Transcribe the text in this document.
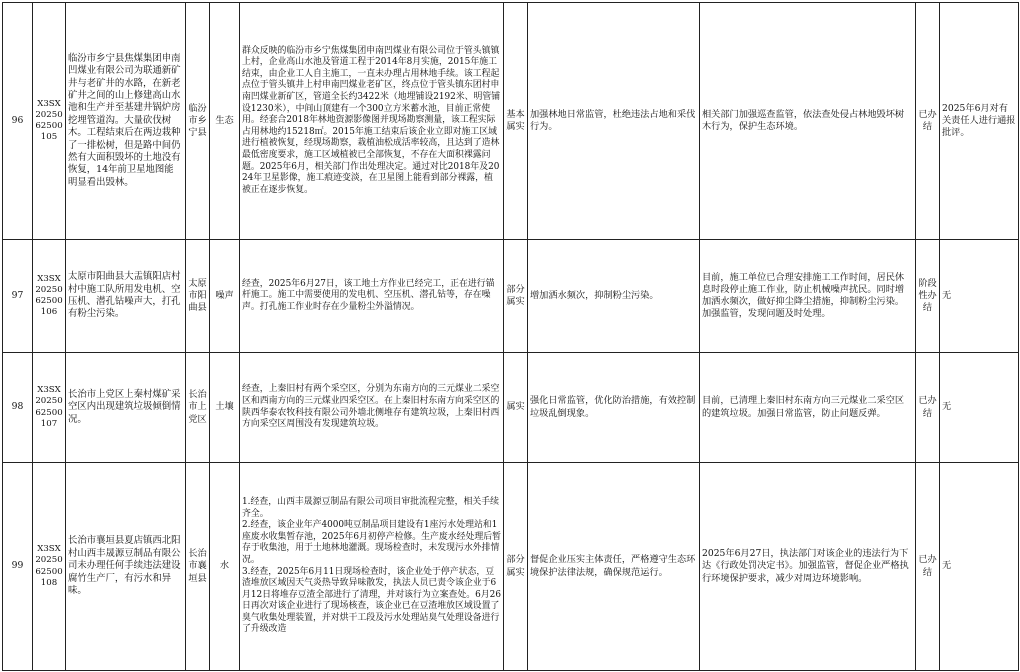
96	X3SX2025062500105	临汾市乡宁县焦煤集团申南凹煤业有限公司为联通新矿井与老矿井的水路，在新老矿井之间的山上修建高山水池和生产并至基建井锅炉房挖埋管道沟。大量砍伐树木。工程结束后在两边栽种了一排松树，但是路中间仍然有大面积毁坏的土地没有恢复，14年前卫星地图能明显看出毁林。	临汾市乡宁县	生态	群众反映的临汾市乡宁焦煤集团申南凹煤业有限公司位于管头镇镇上村，企业高山水池及管道工程于2014年8月实施，2015年施工结束，由企业工人自主施工，一直未办理占用林地手续。该工程起点位于管头镇井上村申南凹煤业老矿区，终点位于管头镇东团村申南凹煤业新矿区，管道全长约3422米（地埋铺设2192米、明管铺设1230米），中间山顶建有一个300立方米蓄水池，目前正常使用。经套合2018年林地资源影像图并现场勘察测量，该工程实际占用林地约15218㎡。2015年施工结束后该企业立即对施工区域进行植被恢复，经现场勘察，栽植油松成活率较高，且达到了造林最低密度要求，施工区域植被已全部恢复，不存在大面积裸露问题。2025年6月，相关部门作出处理决定。通过对比2018年及2024年卫星影像，施工痕迹变淡，在卫星图上能看到部分裸露，植被正在逐步恢复。	基本属实	加强林地日常监管，杜绝违法占地和采伐行为。	相关部门加强巡查监管，依法查处侵占林地毁坏树木行为，保护生态环境。	已办结	2025年6月对有关责任人进行通报批评。
97	X3SX2025062500106	太原市阳曲县大盂镇阳店村村中施工队所用发电机、空压机、潜孔钻噪声大，打孔有粉尘污染。	太原市阳曲县	噪声	经查，2025年6月27日，该工地土方作业已经完工，正在进行锚杆施工。施工中需要使用的发电机、空压机、潜孔钻等，存在噪声。打孔施工作业时存在少量粉尘外溢情况。	部分属实	增加洒水频次，抑制粉尘污染。	目前，施工单位已合理安排施工工作时间，居民休息时段停止施工作业，防止机械噪声扰民。同时增加洒水频次，做好抑尘降尘措施，抑制粉尘污染。加强监管，发现问题及时处理。	阶段性办结	无
98	X3SX2025062500107	长治市上党区上秦村煤矿采空区内出现建筑垃圾倾倒情况。	长治市上党区	土壤	经查，上秦旧村有两个采空区，分别为东南方向的三元煤业二采空区和西南方向的三元煤业四采空区。在上秦旧村东南方向采空区的陕西华泰农牧科技有限公司外墙北侧堆存有建筑垃圾，上秦旧村西方向采空区周围没有发现建筑垃圾。	属实	强化日常监管，优化防治措施，有效控制垃圾乱倒现象。	目前，已清理上秦旧村东南方向三元煤业二采空区的建筑垃圾。加强日常监管，防止问题反弹。	已办结	无
99	X3SX2025062500108	长治市襄垣县夏店镇西北阳村山西丰晟源豆制品有限公司未办理任何手续违法建设腐竹生产厂，有污水和异味。	长治市襄垣县	水	1.经查，山西丰晟源豆制品有限公司项目审批流程完整，相关手续齐全。
2.经查，该企业年产4000吨豆制品项目建设有1座污水处理站和1座废水收集暂存池，2025年6月初停产检修。生产废水经处理后暂存于收集池，用于土地林地灌溉。现场检查时，未发现污水外排情况。
3.经查，2025年6月11日现场检查时，该企业处于停产状态，豆渣堆放区域因天气炎热导致异味散发，执法人员已责令该企业于6月12日将堆存豆渣全部进行了清理，并对该行为立案查处。6月26日再次对该企业进行了现场核查，该企业已在豆渣堆放区域设置了臭气收集处理装置，并对烘干工段及污水处理站臭气处理设备进行了升级改造	部分属实	督促企业压实主体责任，严格遵守生态环境保护法律法规，确保规范运行。	2025年6月27日，执法部门对该企业的违法行为下达《行政处罚决定书》。加强监管，督促企业严格执行环境保护要求，减少对周边环境影响。	已办结	无
